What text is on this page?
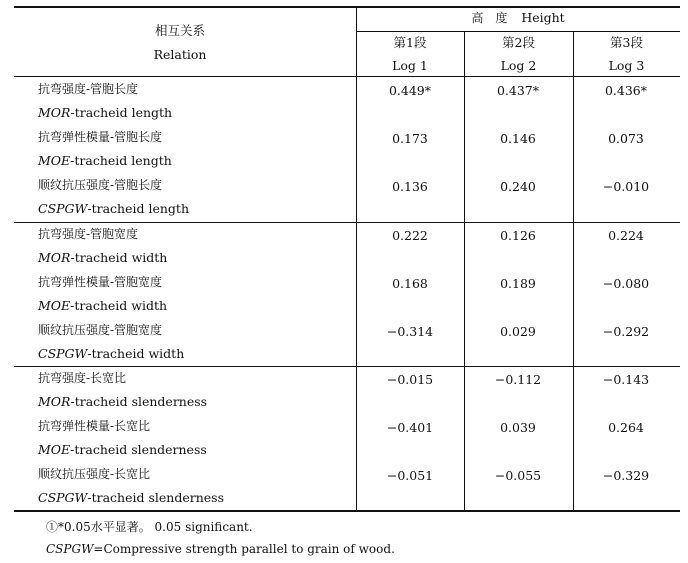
相互关系
Relation
高　度 Height
第1段
Log 1
第2段
Log 2
第3段
Log 3
抗弯强度-管胞长度
MOR-tracheid length
0.449*	0.437*	0.436*
抗弯弹性模量-管胞长度
MOE-tracheid length
0.173	0.146	0.073
顺纹抗压强度-管胞长度
CSPGW-tracheid length
0.136	0.240	−0.010
抗弯强度-管胞宽度
MOR-tracheid width
0.222	0.126	0.224
抗弯弹性模量-管胞宽度
MOE-tracheid width
0.168	0.189	−0.080
顺纹抗压强度-管胞宽度
CSPGW-tracheid width
−0.314	0.029	−0.292
抗弯强度-长宽比
MOR-tracheid slenderness
−0.015	−0.112	−0.143
抗弯弹性模量-长宽比
MOE-tracheid slenderness
−0.401	0.039	0.264
顺纹抗压强度-长宽比
CSPGW-tracheid slenderness
−0.051	−0.055	−0.329
①*0.05水平显著。 0.05 significant.
CSPGW=Compressive strength parallel to grain of wood.
